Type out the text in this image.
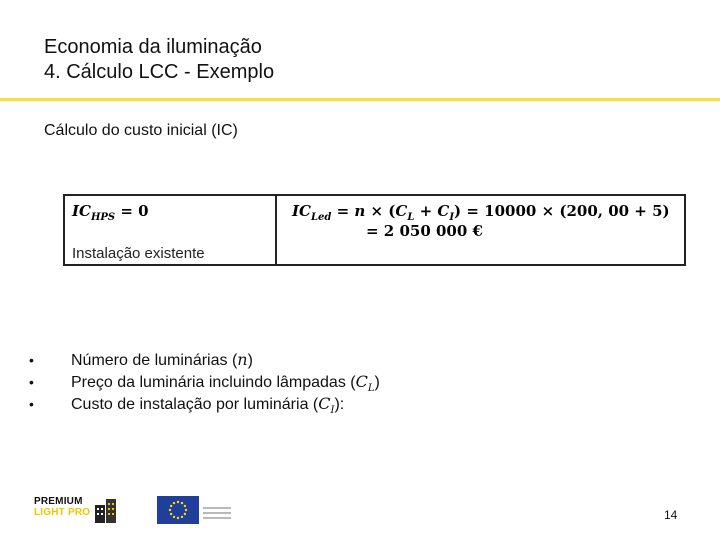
Economia da iluminação
4. Cálculo LCC - Exemplo
Cálculo do custo inicial (IC)
$IC_{HPS} = 0$
Instalação existente
$IC_{Led} = n \times (C_L + C_I) = 10000 \times (200$, 00 + 5)
= 2 050 000 €
•	Número de luminárias ( n )
•	Preço da luminária incluindo lâmpadas ( $C_L$ )
•	Custo de instalação por luminária ( $C_I$ ):
PREMIUM
LIGHT PRO	14
